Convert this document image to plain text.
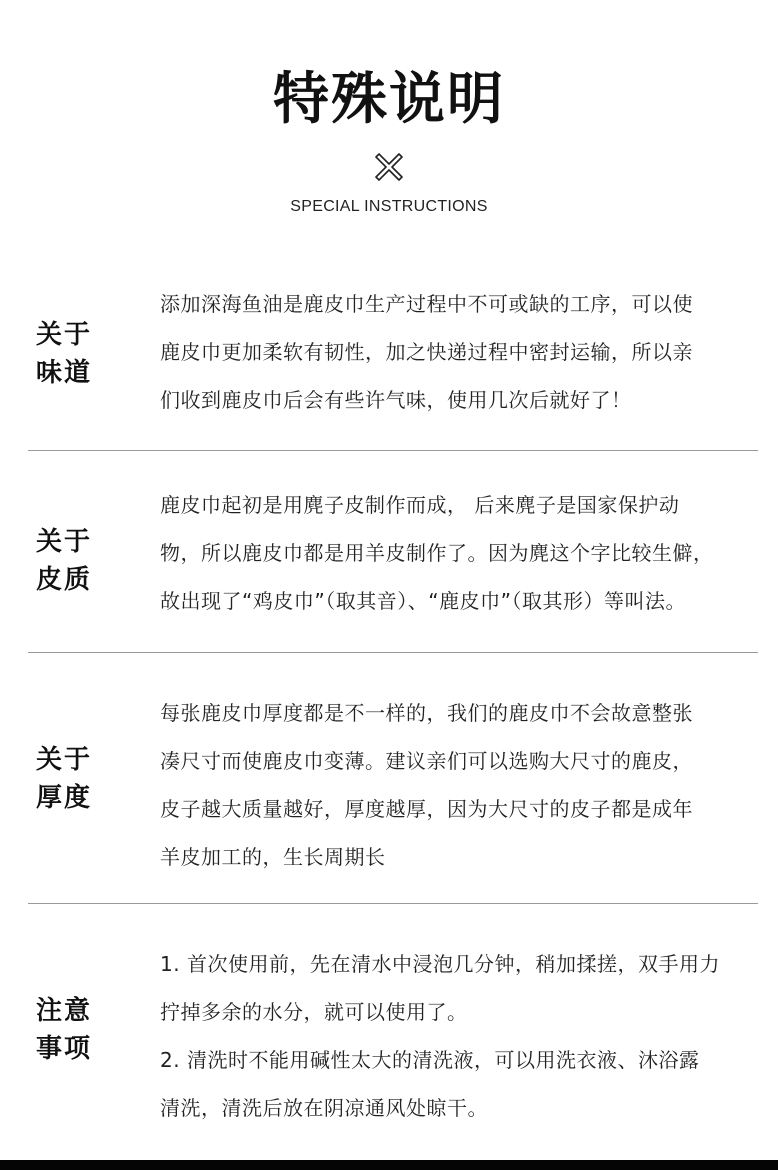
特殊说明
SPECIAL INSTRUCTIONS
关于
味道
添加深海鱼油是鹿皮巾生产过程中不可或缺的工序，可以使
鹿皮巾更加柔软有韧性，加之快递过程中密封运输，所以亲
们收到鹿皮巾后会有些许气味，使用几次后就好了！
关于
皮质
鹿皮巾起初是用麂子皮制作而成， 后来麂子是国家保护动
物，所以鹿皮巾都是用羊皮制作了。因为麂这个字比较生僻，
故出现了“鸡皮巾”（取其音）、“鹿皮巾”（取其形）等叫法。
关于
厚度
每张鹿皮巾厚度都是不一样的，我们的鹿皮巾不会故意整张
凑尺寸而使鹿皮巾变薄。建议亲们可以选购大尺寸的鹿皮，
皮子越大质量越好，厚度越厚，因为大尺寸的皮子都是成年
羊皮加工的，生长周期长
注意
事项
1. 首次使用前，先在清水中浸泡几分钟，稍加揉搓，双手用力
拧掉多余的水分，就可以使用了。
2. 清洗时不能用碱性太大的清洗液，可以用洗衣液、沐浴露
清洗，清洗后放在阴凉通风处晾干。
